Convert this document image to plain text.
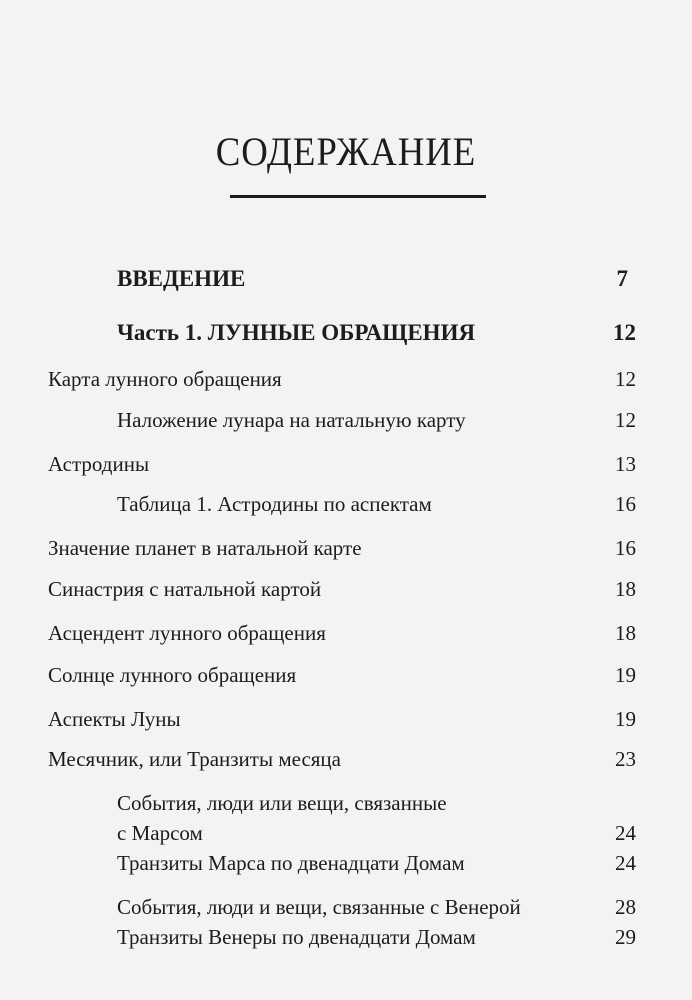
СОДЕРЖАНИЕ
ВВЕДЕНИЕ	7
Часть 1. ЛУННЫЕ ОБРАЩЕНИЯ	12
Карта лунного обращения	12
Наложение лунара на натальную карту	12
Астродины	13
Таблица 1. Астродины по аспектам	16
Значение планет в натальной карте	16
Синастрия с натальной картой	18
Асцендент лунного обращения	18
Солнце лунного обращения	19
Аспекты Луны	19
Месячник, или Транзиты месяца	23
События, люди или вещи, связанные
с Марсом	24
Транзиты Марса по двенадцати Домам	24
События, люди и вещи, связанные с Венерой	28
Транзиты Венеры по двенадцати Домам	29
